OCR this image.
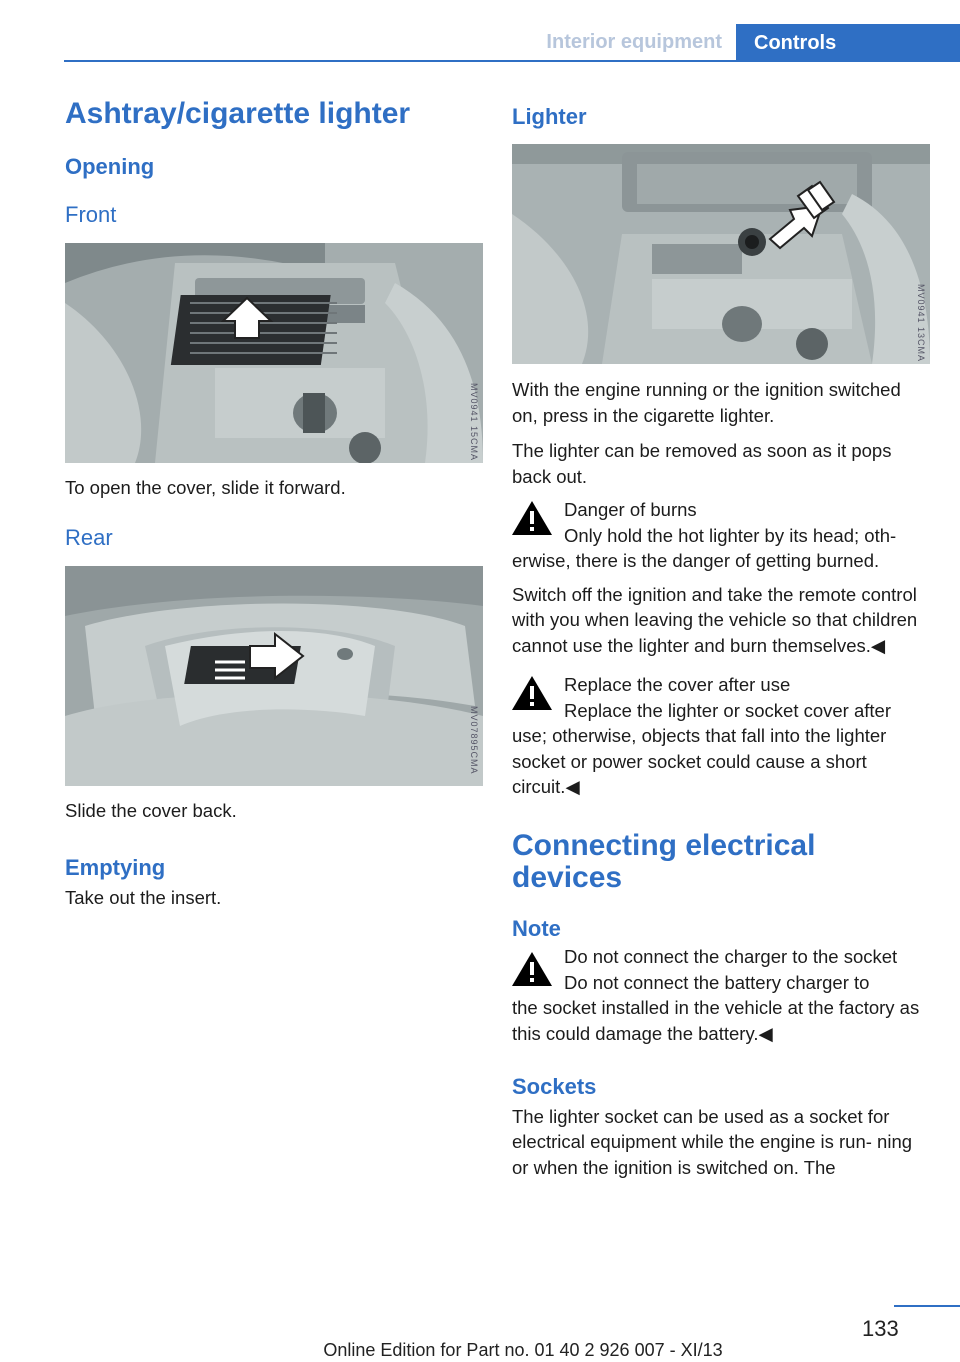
Interior equipment	Controls
Ashtray/cigarette lighter
Opening
Front
MV0941 15CMA

To open the cover, slide it forward.

Rear
MV07895CMA

Slide the cover back.

Emptying

Take out the insert.

Lighter
MV0941 13CMA

With the engine running or the ignition switched on, press in the cigarette lighter.

The lighter can be removed as soon as it pops back out.

Danger of burns
Only hold the hot lighter by its head; oth‐
erwise, there is the danger of getting burned.

Switch off the ignition and take the remote control with you when leaving the vehicle so that children cannot use the lighter and burn themselves.◀

Replace the cover after use
Replace the lighter or socket cover after
use; otherwise, objects that fall into the lighter socket or power socket could cause a short circuit.◀
Connecting electrical devices
Note
Do not connect the charger to the socket
Do not connect the battery charger to
the socket installed in the vehicle at the factory as this could damage the battery.◀
Sockets

The lighter socket can be used as a socket for electrical equipment while the engine is run‐ ning or when the ignition is switched on. The

133
Online Edition for Part no. 01 40 2 926 007 - XI/13
